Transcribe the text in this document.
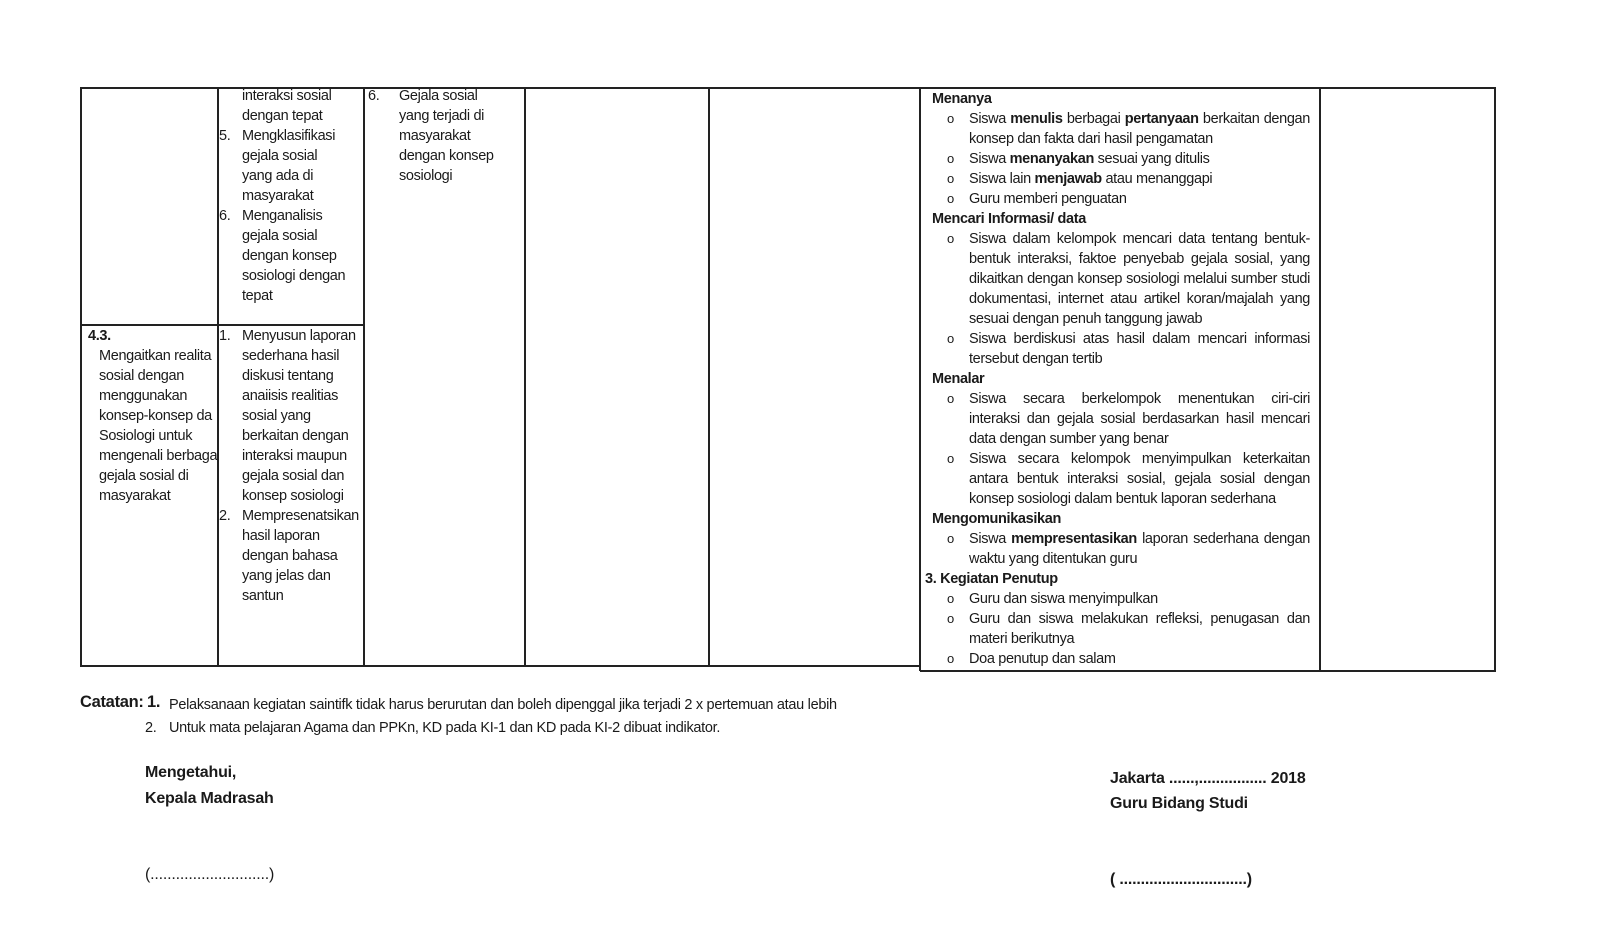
4.3.
Mengaitkan realita
sosial dengan
menggunakan
konsep-konsep da
Sosiologi untuk
mengenali berbaga
gejala sosial di
masyarakat
interaksi sosial
dengan tepat
5. Mengklasifikasi
gejala sosial
yang ada di
masyarakat
6. Menganalisis
gejala sosial
dengan konsep
sosiologi dengan
tepat
1. Menyusun laporan
sederhana hasil
diskusi tentang
anaiisis realitias
sosial yang
berkaitan dengan
interaksi maupun
gejala sosial dan
konsep sosiologi
2. Mempresenatsikan
hasil laporan
dengan bahasa
yang jelas dan
santun
6. Gejala sosial
yang terjadi di
masyarakat
dengan konsep
sosiologi
Menanya
o Siswa menulis berbagai pertanyaan berkaitan dengan konsep dan fakta dari hasil pengamatan
o Siswa menanyakan sesuai yang ditulis
o Siswa lain menjawab atau menanggapi
o Guru memberi penguatan
Mencari Informasi/ data
o Siswa dalam kelompok mencari data tentang bentuk-bentuk interaksi, faktoe penyebab gejala sosial, yang dikaitkan dengan konsep sosiologi melalui sumber studi dokumentasi, internet atau artikel koran/majalah yang sesuai dengan penuh tanggung jawab
o Siswa berdiskusi atas hasil dalam mencari informasi tersebut dengan tertib
Menalar
o Siswa secara berkelompok menentukan ciri-ciri interaksi dan gejala sosial berdasarkan hasil mencari data dengan sumber yang benar
o Siswa secara kelompok menyimpulkan keterkaitan antara bentuk interaksi sosial, gejala sosial dengan konsep sosiologi dalam bentuk laporan sederhana
Mengomunikasikan
o Siswa mempresentasikan laporan sederhana dengan waktu yang ditentukan guru
3. Kegiatan Penutup
o Guru dan siswa menyimpulkan
o Guru dan siswa melakukan refleksi, penugasan dan materi berikutnya
o Doa penutup dan salam
Catatan: 1. Pelaksanaan kegiatan saintifk tidak harus berurutan dan boleh dipenggal jika terjadi 2 x pertemuan atau lebih
2. Untuk mata pelajaran Agama dan PPKn, KD pada KI-1 dan KD pada KI-2 dibuat indikator.
Mengetahui,
Kepala Madrasah
(............................)
Jakarta ......,................ 2018
Guru Bidang Studi
( ..............................)
